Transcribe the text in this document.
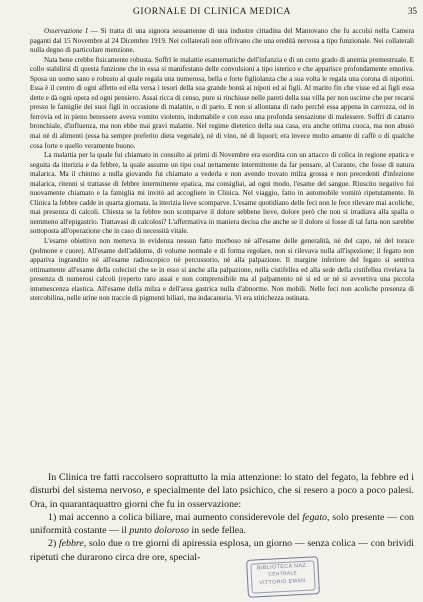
GIORNALE DI CLINICA MEDICA	35

Osservazione I — Si tratta di una signora sessantenne di una industre cittadina del Mantovano che fu accolsi nella Camera paganti dal 15 Novembre al 24 Dicembre 1919. Nei collaterali non offrivano che una eredità nervosa a tipo funzionale. Nei collaterali nulla degno di particolare menzione.

Nata bene crebbe fisicamente robusta. Soffrì le malattie esantematiche dell'infanzia e di un certo grado di anemia premestruale. E collo stabilirsi di questa funzione che in essa si manifestano delle convulsioni a tipo isterico e che apparisce profondamente emotiva. Sposa un uomo sano e robusto al quale regala una numerosa, bella e forte figliolanza che a sua volta le regala una corona di nipotini. Essa è il centro di ogni affetto ed ella versa i tesori della sua grande bontà ai nipoti ed ai figli. Al marito fin che visse ed ai figli essa dette e dà ogni opera ed ogni pensiero. Assai ricca di censo, pure si rinchiuse nelle pareti della sua villa per non uscirne che per recarsi presso le famiglie dei suoi figli in occasione di malattie, o di parto. E non si allontana di rado perchè essa appena in carrozza, od in ferrovia ed in pieno benessere aveva vomito violento, indomabile e con esso una profonda sensazione di malessere. Soffrì di catarro bronchiale, d'influenza, ma non ebbe mai gravi malattie. Nel regime dietetico della sua casa, era anche ottima cuoca, ma non abusò mai nè di alimenti (essa ha sempre preferito dieta vegetale), nè di vino, nè di liquori; era invece molto amante di caffè o di qualche cosa forte e quello veramente buono.

La malattia per la quale fui chiamato in consulto ai primi di Novembre era esordita con un attacco di colica in regione epatica e seguita da itterizia e da febbre, la quale assume un tipo coal nettamente intermittente da far pensare, al Curante, che fosse di natura malarica. Ma il chinino a nulla giovando fui chiamato a vederla e non avendo trovato milza grossa e non precedenti d'infezione malarica, ritenni si trattasse di febbre intermittente epatica, ma consigliai, ad ogni modo, l'esame del sangue. Riuscito negativo fui nuovamente chiamato e la famiglia mi invitò ad accogliere in Clinica. Nel viaggio, fatto in automobile vomitò ripetutamente. In Clinica la febbre cadde in quarta giornata, la itterizia lieve scomparve. L'esame quotidiano delle feci non le fece rilevare mai acoliche, mai presenza di calcoli. Chiesta se la febbre non scomparve il dolore sebbene lieve, dolore però che non si irradiava alla spalla o nemmeno all'epigastrio. Trattavasi di calcolosi? L'affermativa in maniera decisa che anche se il dolore si fosse di tal fatta non sarebbe sottoposta all'operazione che in caso di necessità vitale.

L'esame obiettivo non metteva in evidenza nessun fatto morboso nè all'esame delle generalità, nè del capo, nè del torace (polmone e cuore). All'esame dell'addome, di volume normale e di forma regolare, non si rilevava nulla all'ispezione; il fegato non appariva ingrandito nè all'esame radioscopico nè percussorio, nè alla palpazione. Il margine inferiore del fegato si sentiva ottimamente all'esame della colecisti che se in esso si anche alla palpazione, nella cistifellea ed alla sede della cistifellea rivelava la presenza di numerosi calcoli (reperto raro assai e non comprensibile ma al palpamento nè si ed or nè si avvertiva una piccola intumescenza elastica. All'esame della milza e dell'area gastrica nulla d'abnorme. Non mobili. Nelle feci non acoliche presenza di stercobilina, nelle urine non traccie di pigmenti biliari, ma indacanuria. Vi era stitichezza ostinata.

In Clinica tre fatti raccolsero soprattutto la mia attenzione: lo stato del fegato, la febbre ed i disturbi del sistema nervoso, e specialmente del lato psichico, che si resero a poco a poco palesi. Ora, in quarantaquattro giorni che fu in osservazione:

1) mai accenno a colica biliare, mai aumento considerevole del fegato, solo presente — con uniformità costante — il punto doloroso in sede fellea.

2) febbre, solo due o tre giorni di apiressia esplosa, un giorno — senza colica — con brividi ripetuti che durarono circa dre ore, special-

BIBLIOTECA NAZ.
CENTRALE
VITTORIO EMAN.
